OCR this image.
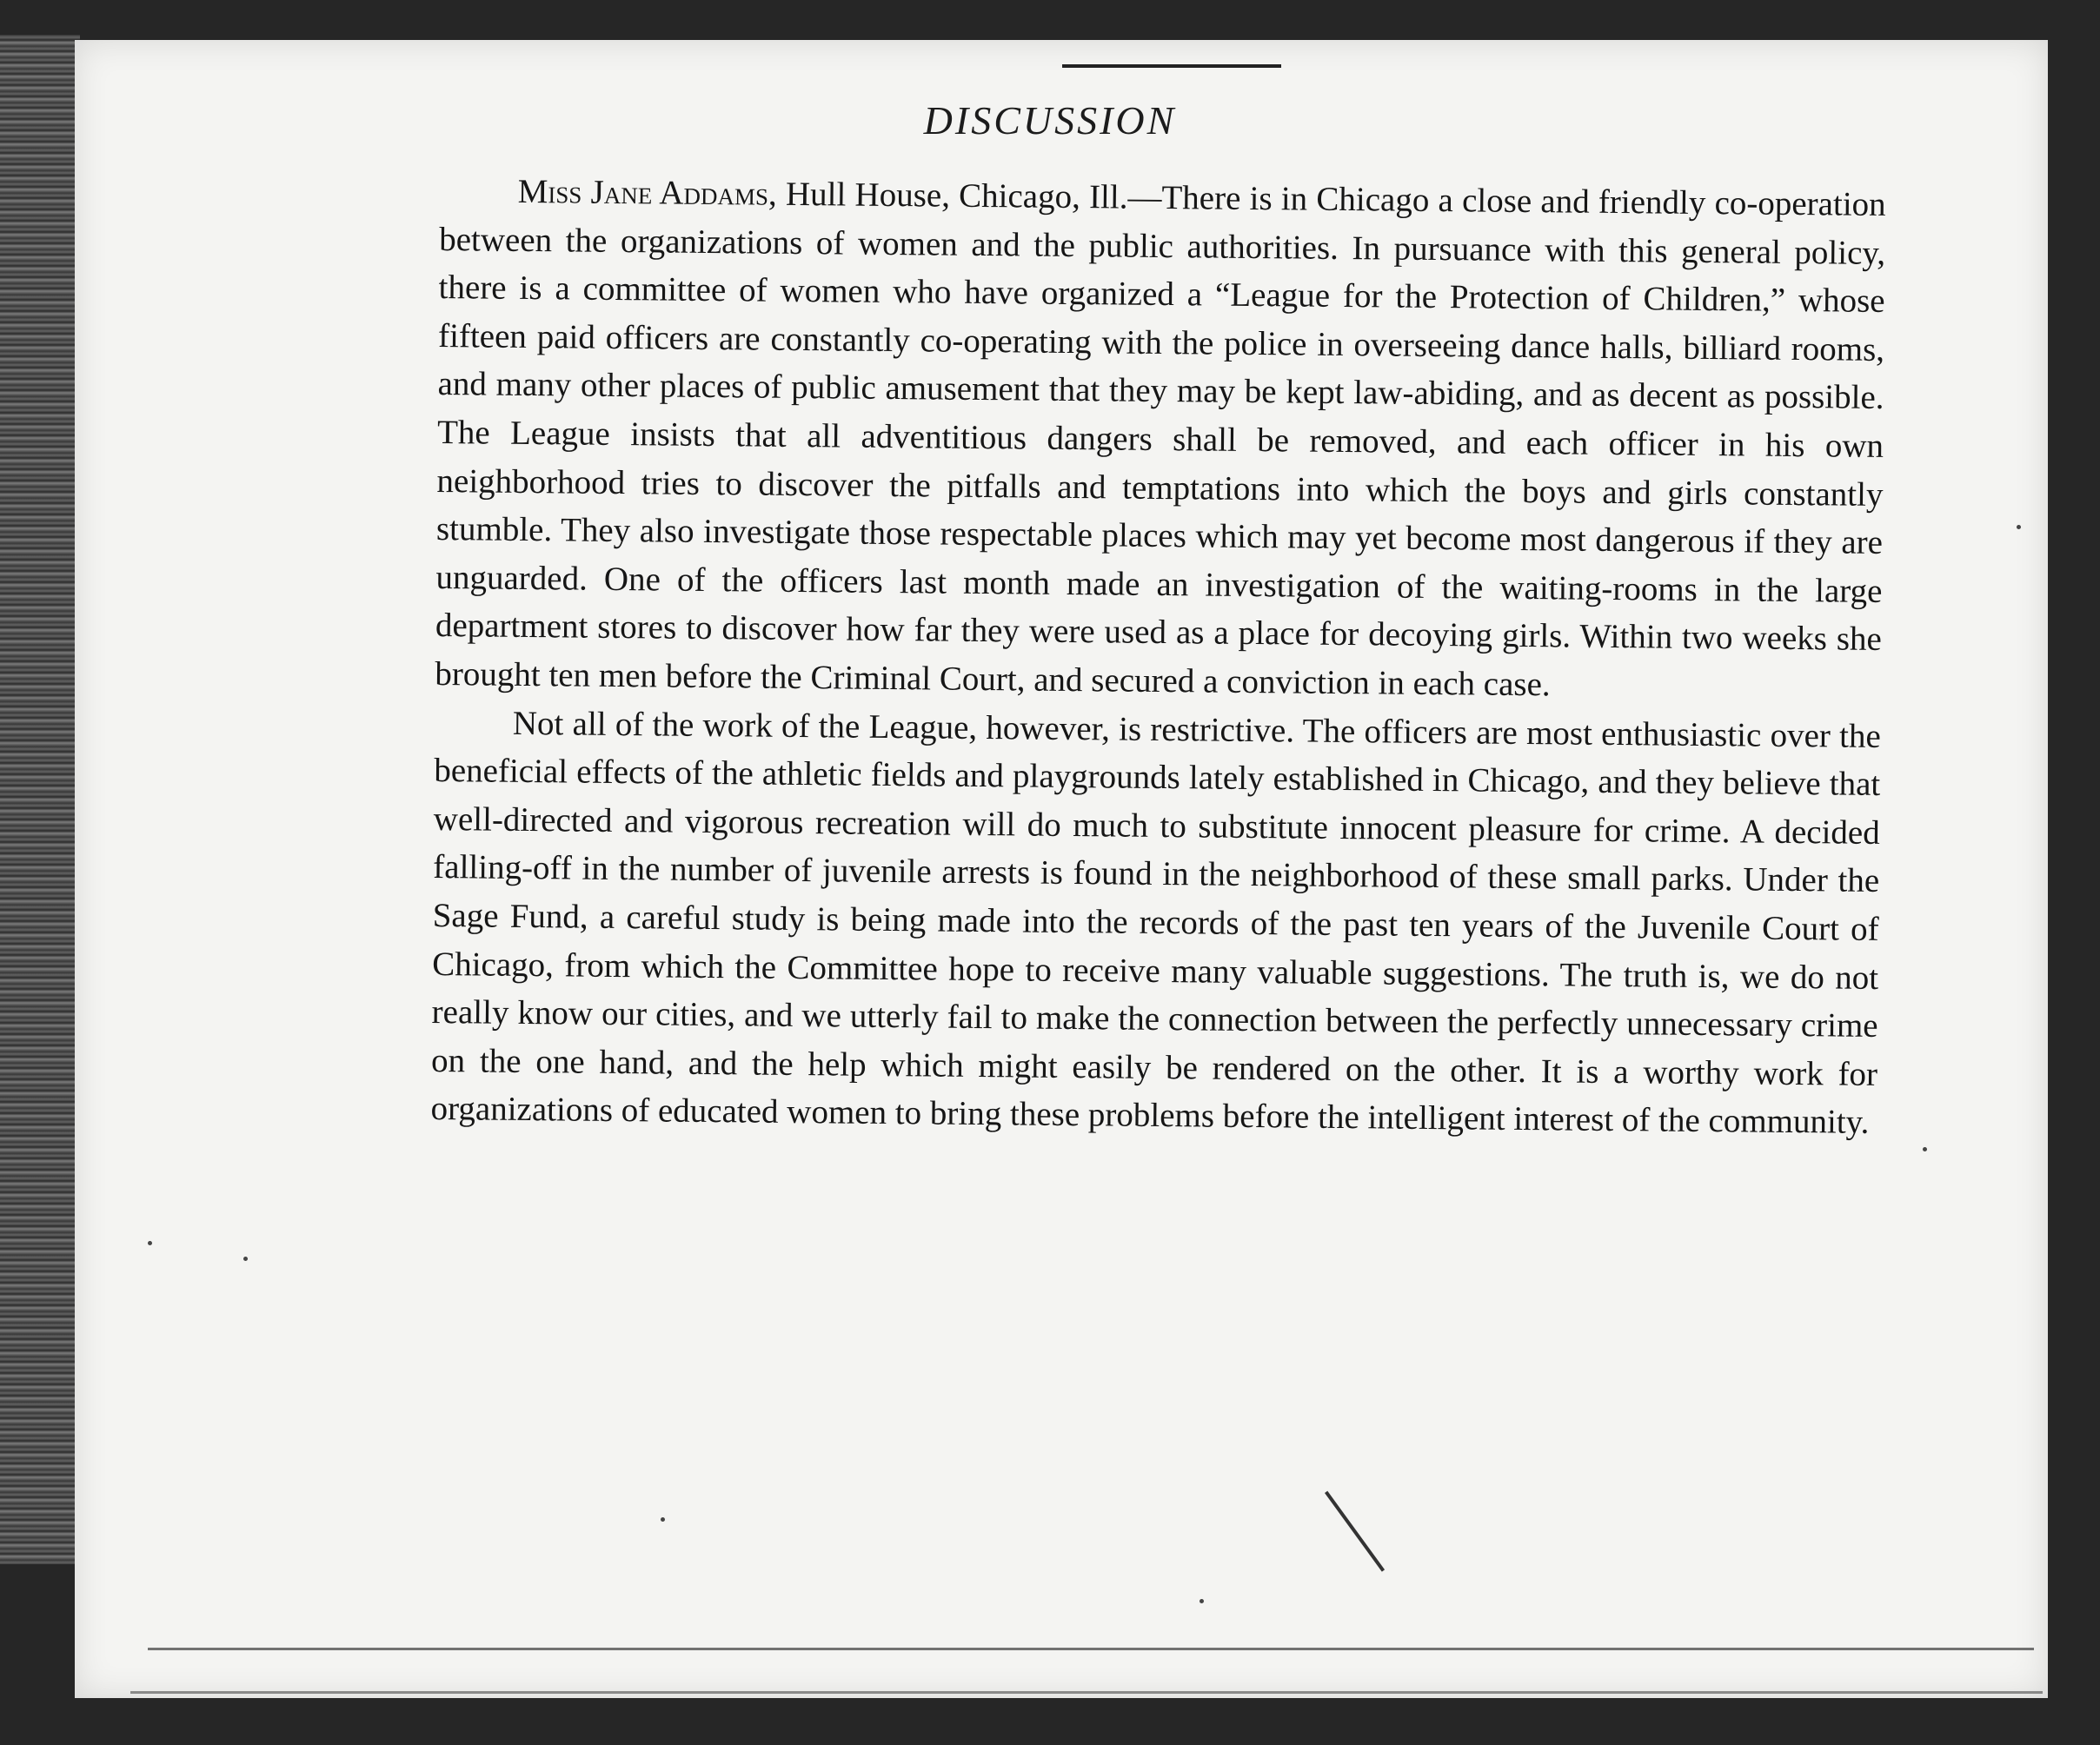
DISCUSSION

Miss Jane Addams, Hull House, Chicago, Ill.—There is in Chicago a close and friendly co-operation between the organizations of women and the public authorities. In pursuance with this general policy, there is a committee of women who have organized a “League for the Protection of Children,” whose fifteen paid officers are constantly co-operating with the police in overseeing dance halls, billiard rooms, and many other places of public amusement that they may be kept law-abiding, and as decent as possible. The League insists that all adventitious dangers shall be removed, and each officer in his own neighborhood tries to discover the pitfalls and temptations into which the boys and girls constantly stumble. They also investigate those respectable places which may yet become most dangerous if they are unguarded. One of the officers last month made an investigation of the waiting-rooms in the large department stores to discover how far they were used as a place for decoying girls. Within two weeks she brought ten men before the Criminal Court, and secured a conviction in each case.

Not all of the work of the League, however, is restrictive. The officers are most enthusiastic over the beneficial effects of the athletic fields and playgrounds lately established in Chicago, and they believe that well-directed and vigorous recreation will do much to substitute innocent pleasure for crime. A decided falling-off in the number of juvenile arrests is found in the neighborhood of these small parks. Under the Sage Fund, a careful study is being made into the records of the past ten years of the Juvenile Court of Chicago, from which the Committee hope to receive many valuable suggestions. The truth is, we do not really know our cities, and we utterly fail to make the connection between the perfectly unnecessary crime on the one hand, and the help which might easily be rendered on the other. It is a worthy work for organizations of educated women to bring these problems before the intelligent interest of the community.
